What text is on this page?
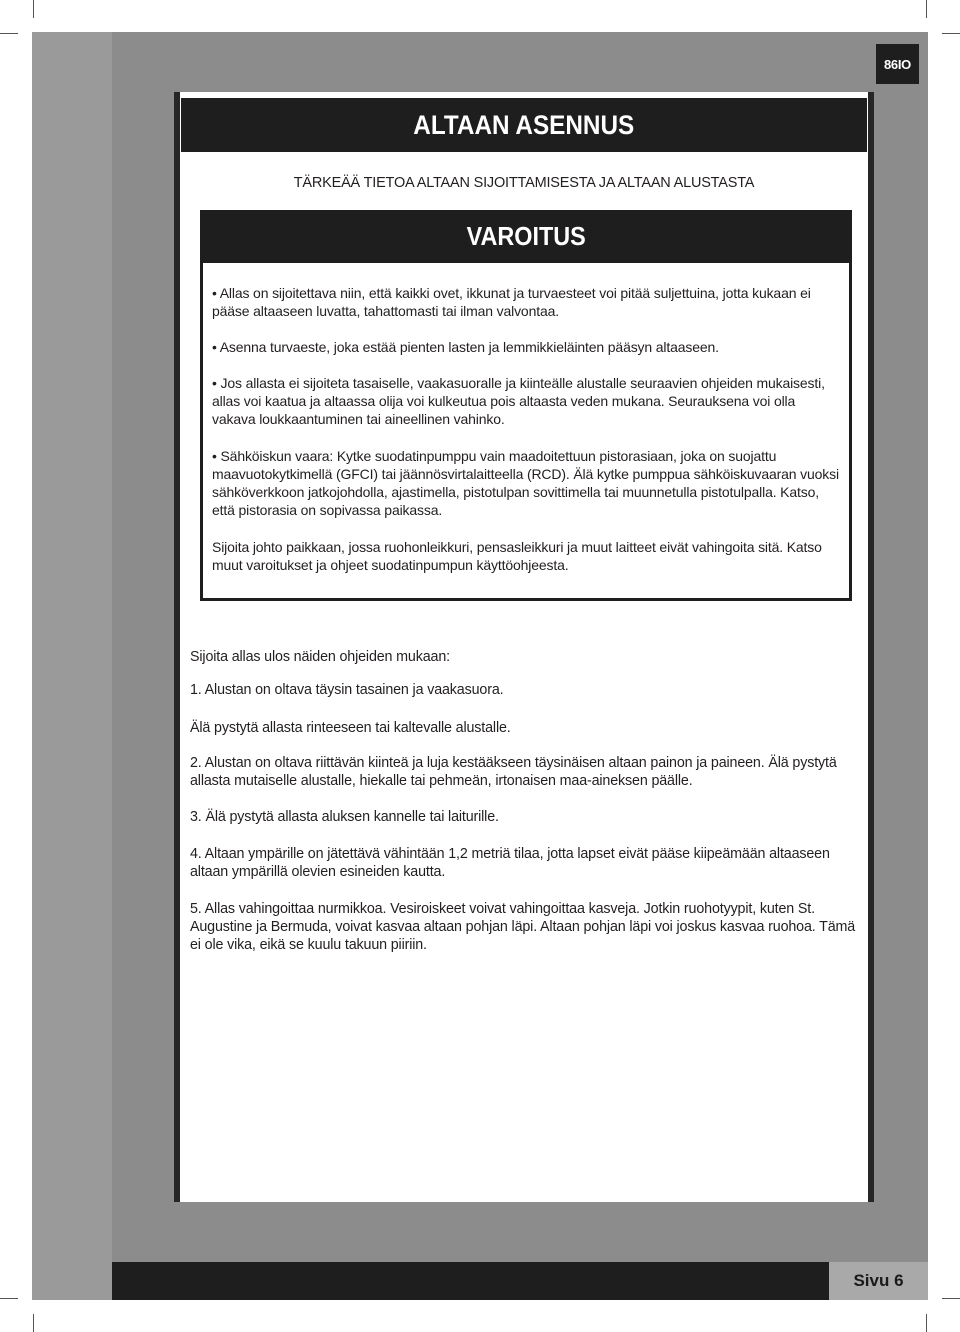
Sivu 6
86IO
ALTAAN ASENNUS
TÄRKEÄÄ TIETOA ALTAAN SIJOITTAMISESTA JA ALTAAN ALUSTASTA
VAROITUS
• Allas on sijoitettava niin, että kaikki ovet, ikkunat ja turvaesteet voi pitää suljettuina, jotta kukaan ei pääse altaaseen luvatta, tahattomasti tai ilman valvontaa.
• Asenna turvaeste, joka estää pienten lasten ja lemmikkieläinten pääsyn altaaseen.
• Jos allasta ei sijoiteta tasaiselle, vaakasuoralle ja kiinteälle alustalle seuraavien ohjeiden mukaisesti, allas voi kaatua ja altaassa olija voi kulkeutua pois altaasta veden mukana. Seurauksena voi olla vakava loukkaantuminen tai aineellinen vahinko.
• Sähköiskun vaara: Kytke suodatinpumppu vain maadoitettuun pistorasiaan, joka on suojattu maavuotokytkimellä (GFCI) tai jäännösvirtalaitteella (RCD). Älä kytke pumppua sähköiskuvaaran vuoksi sähköverkkoon jatkojohdolla, ajastimella, pistotulpan sovittimella tai muunnetulla pistotulpalla. Katso, että pistorasia on sopivassa paikassa.
Sijoita johto paikkaan, jossa ruohonleikkuri, pensasleikkuri ja muut laitteet eivät vahingoita sitä. Katso muut varoitukset ja ohjeet suodatinpumpun käyttöohjeesta.
Sijoita allas ulos näiden ohjeiden mukaan:
1. Alustan on oltava täysin tasainen ja vaakasuora.
Älä pystytä allasta rinteeseen tai kaltevalle alustalle.
2. Alustan on oltava riittävän kiinteä ja luja kestääkseen täysinäisen altaan painon ja paineen. Älä pystytä allasta mutaiselle alustalle, hiekalle tai pehmeän, irtonaisen maa-aineksen päälle.
3. Älä pystytä allasta aluksen kannelle tai laiturille.
4. Altaan ympärille on jätettävä vähintään 1,2 metriä tilaa, jotta lapset eivät pääse kiipeämään altaaseen altaan ympärillä olevien esineiden kautta.
5. Allas vahingoittaa nurmikkoa. Vesiroiskeet voivat vahingoittaa kasveja. Jotkin ruohotyypit, kuten St. Augustine ja Bermuda, voivat kasvaa altaan pohjan läpi. Altaan pohjan läpi voi joskus kasvaa ruohoa. Tämä ei ole vika, eikä se kuulu takuun piiriin.
